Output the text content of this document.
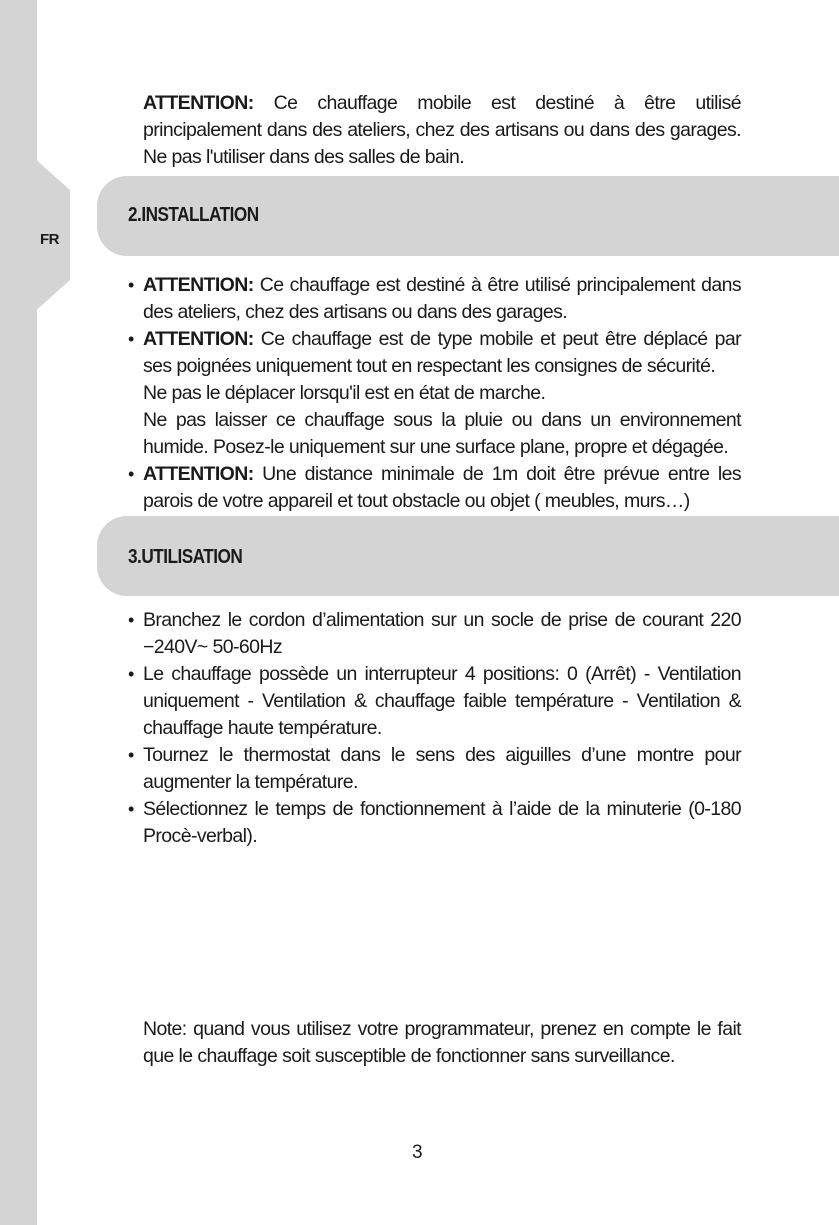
FR

ATTENTION: Ce chauffage mobile est destiné à être utilisé principalement dans des ateliers, chez des artisans ou dans des garages. Ne pas l'utiliser dans des salles de bain.

2.INSTALLATION
• ATTENTION: Ce chauffage est destiné à être utilisé principalement dans des ateliers, chez des artisans ou dans des garages.
• ATTENTION: Ce chauffage est de type mobile et peut être déplacé par ses poignées uniquement tout en respectant les consignes de sécurité.
Ne pas le déplacer lorsqu'il est en état de marche.
Ne pas laisser ce chauffage sous la pluie ou dans un environnement humide. Posez-le uniquement sur une surface plane, propre et dégagée.
• ATTENTION: Une distance minimale de 1m doit être prévue entre les parois de votre appareil et tout obstacle ou objet ( meubles, murs…)
3.UTILISATION
• Branchez le cordon d’alimentation sur un socle de prise de courant 220 −240V~ 50-60Hz
• Le chauffage possède un interrupteur 4 positions: 0 (Arrêt) - Ventilation uniquement - Ventilation & chauffage faible température - Ventilation & chauffage haute température.
• Tournez le thermostat dans le sens des aiguilles d’une montre pour augmenter la température.
• Sélectionnez le temps de fonctionnement à l’aide de la minuterie (0-180 Procè-verbal).

Note: quand vous utilisez votre programmateur, prenez en compte le fait que le chauffage soit susceptible de fonctionner sans surveillance.

3
